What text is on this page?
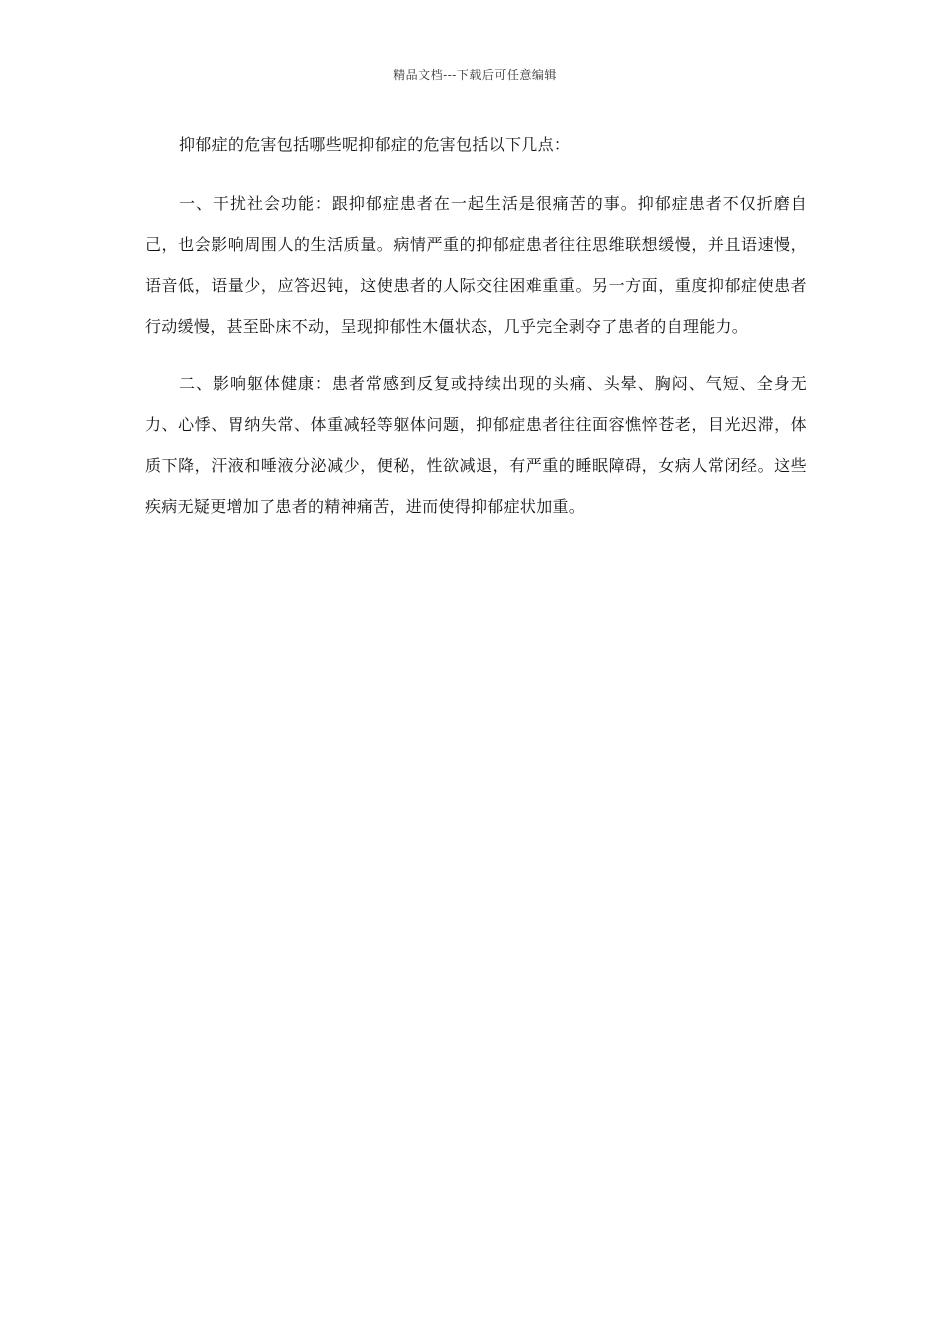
精品文档---下载后可任意编辑

抑郁症的危害包括哪些呢抑郁症的危害包括以下几点：

一、干扰社会功能：跟抑郁症患者在一起生活是很痛苦的事。抑郁症患者不仅折磨自己，也会影响周围人的生活质量。病情严重的抑郁症患者往往思维联想缓慢，并且语速慢，语音低，语量少，应答迟钝，这使患者的人际交往困难重重。另一方面，重度抑郁症使患者行动缓慢，甚至卧床不动，呈现抑郁性木僵状态，几乎完全剥夺了患者的自理能力。

二、影响躯体健康：患者常感到反复或持续出现的头痛、头晕、胸闷、气短、全身无力、心悸、胃纳失常、体重减轻等躯体问题，抑郁症患者往往面容憔悴苍老，目光迟滞，体质下降，汗液和唾液分泌减少，便秘，性欲减退，有严重的睡眠障碍，女病人常闭经。这些疾病无疑更增加了患者的精神痛苦，进而使得抑郁症状加重。
